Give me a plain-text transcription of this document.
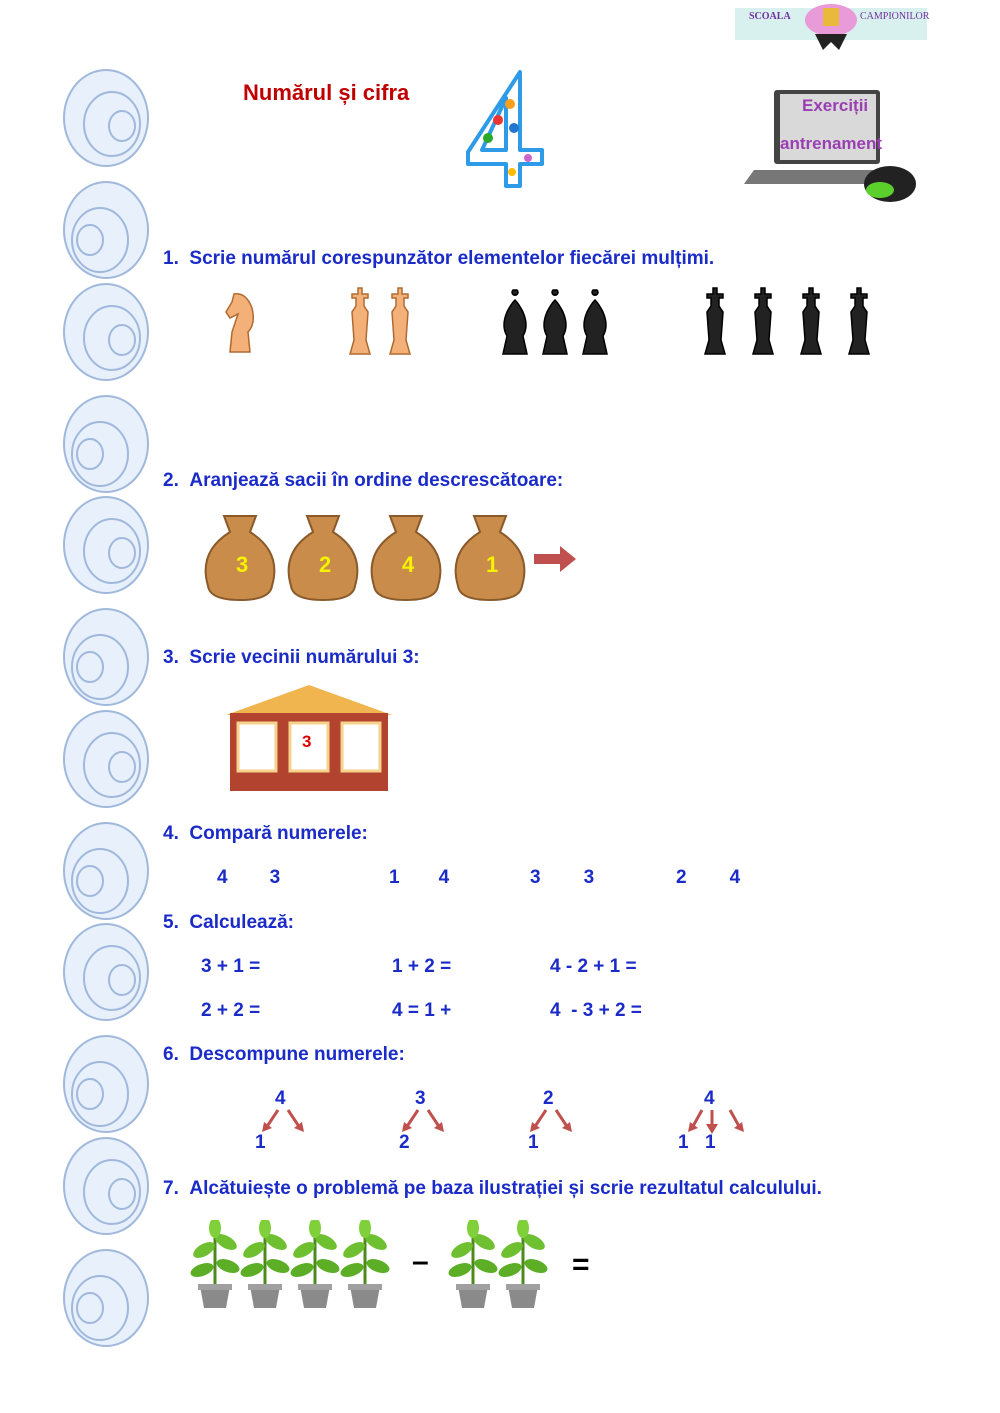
SCOALA	CAMPIONILOR
Numărul și cifra
Exerciții
antrenament
1. Scrie numărul corespunzător elementelor fiecărei mulțimi.
2. Aranjează sacii în ordine descrescătoare:
3	2	4	1
3. Scrie vecinii numărului 3:
3
4. Compară numerele:
4 3	1 4	3 3	2 4
5. Calculează:
3 + 1 =	1 + 2 =	4 - 2 + 1 =
2 + 2 =	4 = 1 +	4  - 3 + 2 =
6. Descompune numerele:
4
1
3
2
2
1
4
1 1
7. Alcătuiește o problemă pe baza ilustrației și scrie rezultatul calculului.
–	=
